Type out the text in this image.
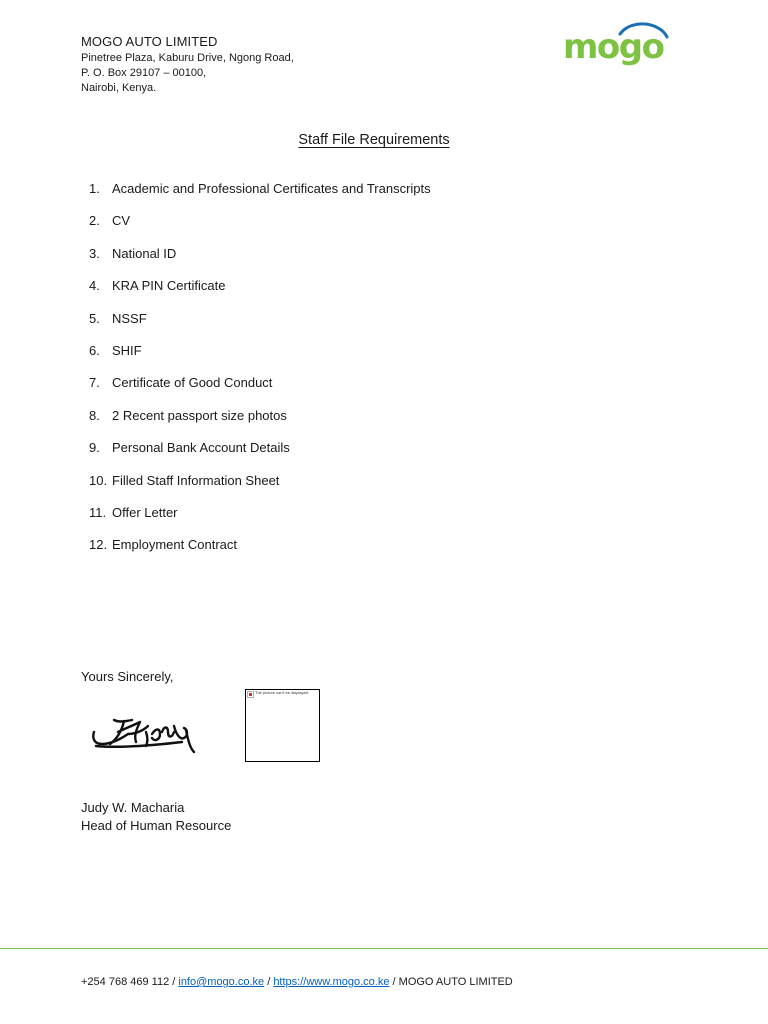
MOGO AUTO LIMITED
Pinetree Plaza, Kaburu Drive, Ngong Road,
P. O. Box 29107 – 00100,
Nairobi, Kenya.
mogo
Staff File Requirements
1. Academic and Professional Certificates and Transcripts
2. CV
3. National ID
4. KRA PIN Certificate
5. NSSF
6. SHIF
7. Certificate of Good Conduct
8. 2 Recent passport size photos
9. Personal Bank Account Details
10. Filled Staff Information Sheet
11. Offer Letter
12. Employment Contract
Yours Sincerely,
The picture can't be displayed.
Judy W. Macharia
Head of Human Resource
+254 768 469 112 / info@mogo.co.ke / https://www.mogo.co.ke / MOGO AUTO LIMITED
